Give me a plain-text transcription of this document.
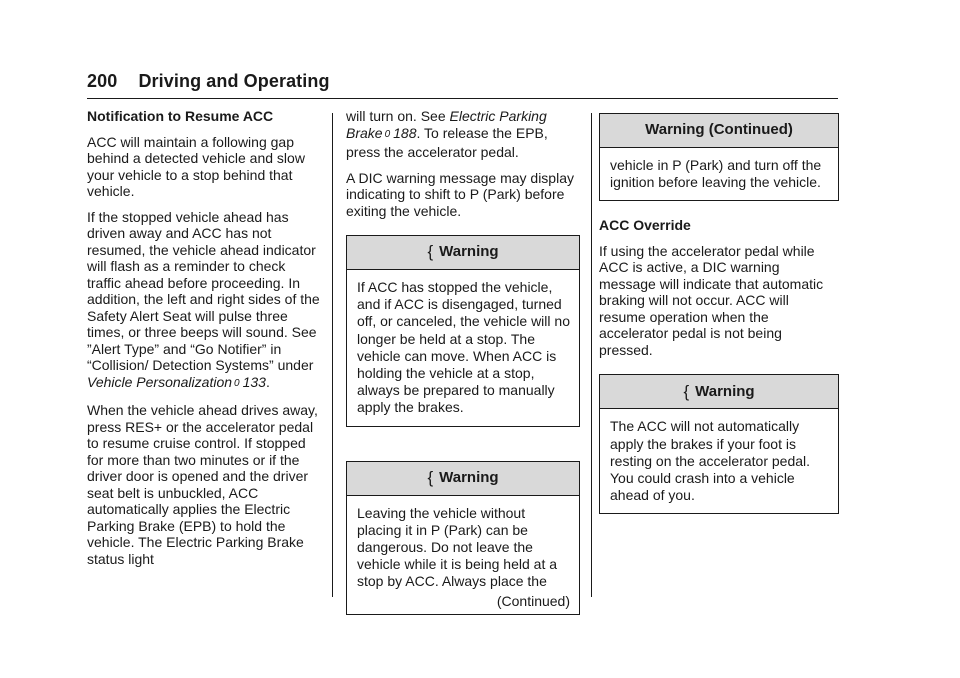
200 Driving and Operating
Notification to Resume ACC

ACC will maintain a following gap behind a detected vehicle and slow your vehicle to a stop behind that vehicle.

If the stopped vehicle ahead has driven away and ACC has not resumed, the vehicle ahead indicator will flash as a reminder to check traffic ahead before proceeding. In addition, the left and right sides of the Safety Alert Seat will pulse three times, or three beeps will sound. See ”Alert Type” and “Go Notifier” in “Collision/ Detection Systems” under Vehicle Personalization 0 133.

When the vehicle ahead drives away, press RES+ or the accelerator pedal to resume cruise control. If stopped for more than two minutes or if the driver door is opened and the driver seat belt is unbuckled, ACC automatically applies the Electric Parking Brake (EPB) to hold the vehicle. The Electric Parking Brake status light

will turn on. See Electric Parking Brake 0 188. To release the EPB, press the accelerator pedal.

A DIC warning message may display indicating to shift to P (Park) before exiting the vehicle.

{ Warning
If ACC has stopped the vehicle, and if ACC is disengaged, turned off, or canceled, the vehicle will no longer be held at a stop. The vehicle can move. When ACC is holding the vehicle at a stop, always be prepared to manually apply the brakes.
{ Warning
Leaving the vehicle without placing it in P (Park) can be dangerous. Do not leave the vehicle while it is being held at a stop by ACC. Always place the
(Continued)
Warning (Continued)
vehicle in P (Park) and turn off the ignition before leaving the vehicle.
ACC Override

If using the accelerator pedal while ACC is active, a DIC warning message will indicate that automatic braking will not occur. ACC will resume operation when the accelerator pedal is not being pressed.

{ Warning
The ACC will not automatically apply the brakes if your foot is resting on the accelerator pedal. You could crash into a vehicle ahead of you.
